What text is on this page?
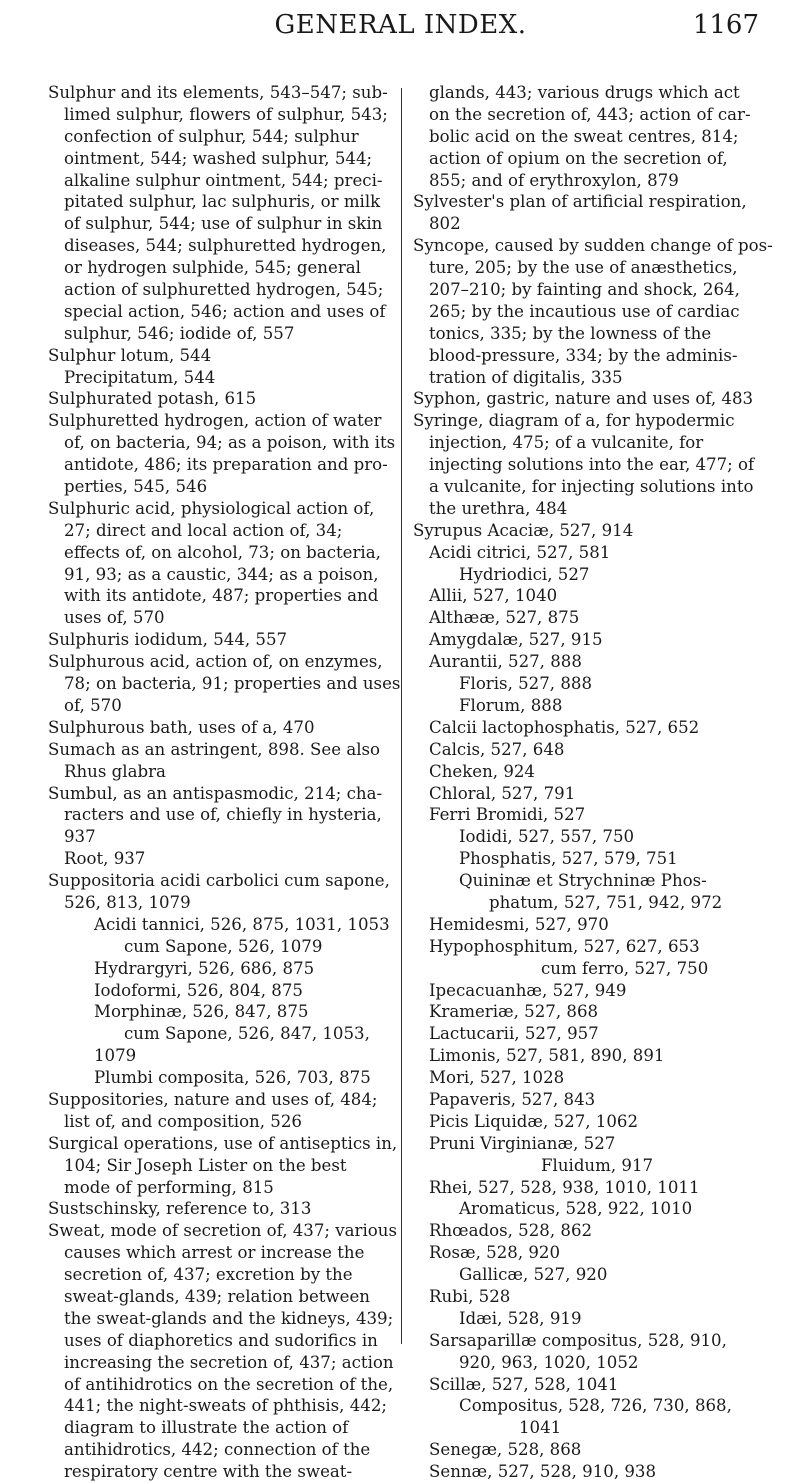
GENERAL INDEX.	1167
Sulphur and its elements, 543–547; sub-
limed sulphur, flowers of sulphur, 543;
confection of sulphur, 544; sulphur
ointment, 544; washed sulphur, 544;
alkaline sulphur ointment, 544; preci-
pitated sulphur, lac sulphuris, or milk
of sulphur, 544; use of sulphur in skin
diseases, 544; sulphuretted hydrogen,
or hydrogen sulphide, 545; general
action of sulphuretted hydrogen, 545;
special action, 546; action and uses of
sulphur, 546; iodide of, 557
Sulphur lotum, 544
Precipitatum, 544
Sulphurated potash, 615
Sulphuretted hydrogen, action of water
of, on bacteria, 94; as a poison, with its
antidote, 486; its preparation and pro-
perties, 545, 546
Sulphuric acid, physiological action of,
27; direct and local action of, 34;
effects of, on alcohol, 73; on bacteria,
91, 93; as a caustic, 344; as a poison,
with its antidote, 487; properties and
uses of, 570
Sulphuris iodidum, 544, 557
Sulphurous acid, action of, on enzymes,
78; on bacteria, 91; properties and uses
of, 570
Sulphurous bath, uses of a, 470
Sumach as an astringent, 898. See also
Rhus glabra
Sumbul, as an antispasmodic, 214; cha-
racters and use of, chiefly in hysteria,
937
Root, 937
Suppositoria acidi carbolici cum sapone,
526, 813, 1079
Acidi tannici, 526, 875, 1031, 1053
cum Sapone, 526, 1079
Hydrargyri, 526, 686, 875
Iodoformi, 526, 804, 875
Morphinæ, 526, 847, 875
cum Sapone, 526, 847, 1053,
1079
Plumbi composita, 526, 703, 875
Suppositories, nature and uses of, 484;
list of, and composition, 526
Surgical operations, use of antiseptics in,
104; Sir Joseph Lister on the best
mode of performing, 815
Sustschinsky, reference to, 313
Sweat, mode of secretion of, 437; various
causes which arrest or increase the
secretion of, 437; excretion by the
sweat-glands, 439; relation between
the sweat-glands and the kidneys, 439;
uses of diaphoretics and sudorifics in
increasing the secretion of, 437; action
of antihidrotics on the secretion of the,
441; the night-sweats of phthisis, 442;
diagram to illustrate the action of
antihidrotics, 442; connection of the
respiratory centre with the sweat-
glands, 443; various drugs which act
on the secretion of, 443; action of car-
bolic acid on the sweat centres, 814;
action of opium on the secretion of,
855; and of erythroxylon, 879
Sylvester's plan of artificial respiration,
802
Syncope, caused by sudden change of pos-
ture, 205; by the use of anæsthetics,
207–210; by fainting and shock, 264,
265; by the incautious use of cardiac
tonics, 335; by the lowness of the
blood-pressure, 334; by the adminis-
tration of digitalis, 335
Syphon, gastric, nature and uses of, 483
Syringe, diagram of a, for hypodermic
injection, 475; of a vulcanite, for
injecting solutions into the ear, 477; of
a vulcanite, for injecting solutions into
the urethra, 484
Syrupus Acaciæ, 527, 914
Acidi citrici, 527, 581
Hydriodici, 527
Allii, 527, 1040
Althææ, 527, 875
Amygdalæ, 527, 915
Aurantii, 527, 888
Floris, 527, 888
Florum, 888
Calcii lactophosphatis, 527, 652
Calcis, 527, 648
Cheken, 924
Chloral, 527, 791
Ferri Bromidi, 527
Iodidi, 527, 557, 750
Phosphatis, 527, 579, 751
Quininæ et Strychninæ Phos-
phatum, 527, 751, 942, 972
Hemidesmi, 527, 970
Hypophosphitum, 527, 627, 653
cum ferro, 527, 750
Ipecacuanhæ, 527, 949
Krameriæ, 527, 868
Lactucarii, 527, 957
Limonis, 527, 581, 890, 891
Mori, 527, 1028
Papaveris, 527, 843
Picis Liquidæ, 527, 1062
Pruni Virginianæ, 527
Fluidum, 917
Rhei, 527, 528, 938, 1010, 1011
Aromaticus, 528, 922, 1010
Rhœados, 528, 862
Rosæ, 528, 920
Gallicæ, 527, 920
Rubi, 528
Idæi, 528, 919
Sarsaparillæ compositus, 528, 910,
920, 963, 1020, 1052
Scillæ, 527, 528, 1041
Compositus, 528, 726, 730, 868,
1041
Senegæ, 528, 868
Sennæ, 527, 528, 910, 938
